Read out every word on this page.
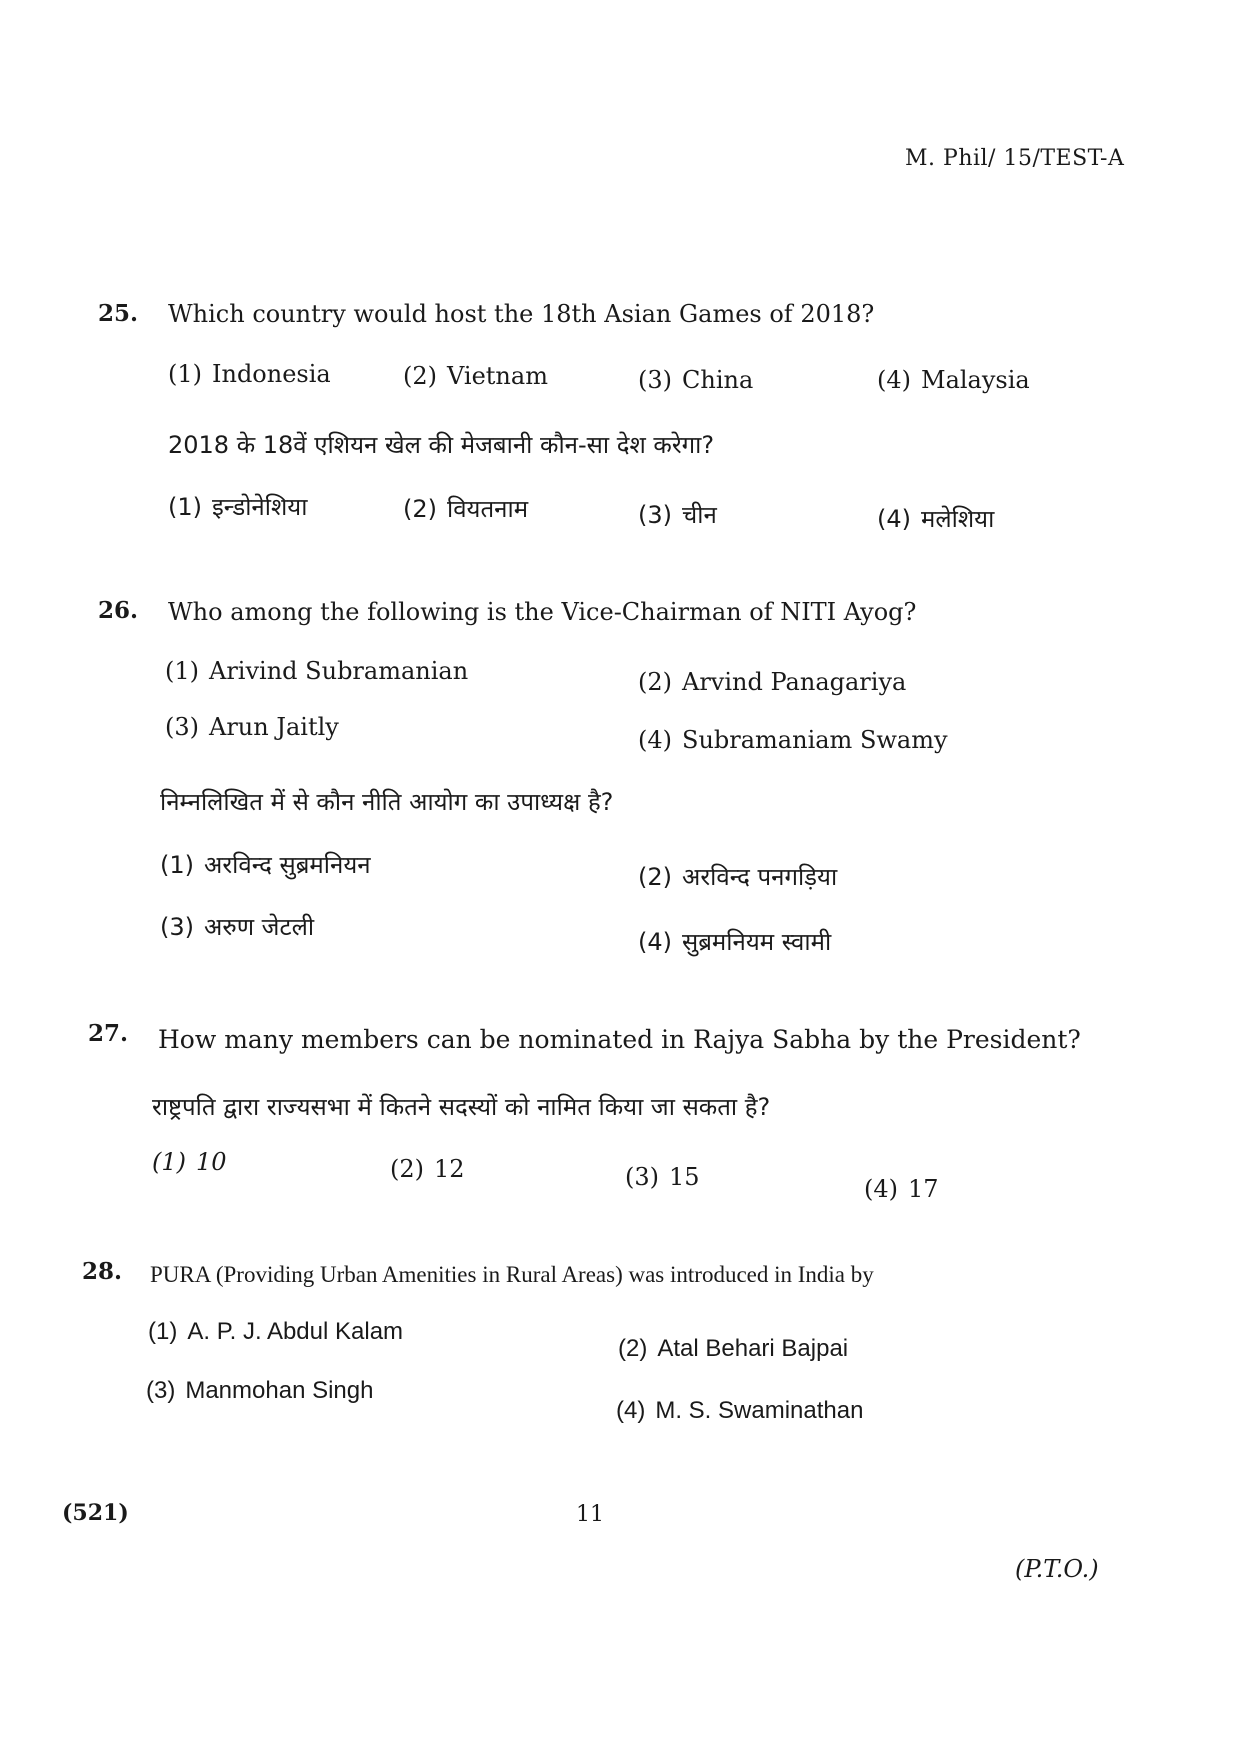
M. Phil/ 15/TEST-A
25. Which country would host the 18th Asian Games of 2018?
(1) Indonesia	(2) Vietnam	(3) China	(4) Malaysia
2018 के 18वें एशियन खेल की मेजबानी कौन-सा देश करेगा?
(1) इन्डोनेशिया	(2) वियतनाम	(3) चीन	(4) मलेशिया
26. Who among the following is the Vice-Chairman of NITI Ayog?
(1) Arivind Subramanian	(2) Arvind Panagariya
(3) Arun Jaitly	(4) Subramaniam Swamy
निम्नलिखित में से कौन नीति आयोग का उपाध्यक्ष है?
(1) अरविन्द सुब्रमनियन	(2) अरविन्द पनगड़िया
(3) अरुण जेटली
(4) सुब्रमनियम स्वामी
27. How many members can be nominated in Rajya Sabha by the President?
राष्ट्रपति द्वारा राज्यसभा में कितने सदस्यों को नामित किया जा सकता है?
(1) 10	(2) 12	(3) 15	(4) 17
28. PURA (Providing Urban Amenities in Rural Areas) was introduced in India by
(1) A. P. J. Abdul Kalam
(2) Atal Behari Bajpai
(3) Manmohan Singh
(4) M. S. Swaminathan
(521)	11
(P.T.O.)
